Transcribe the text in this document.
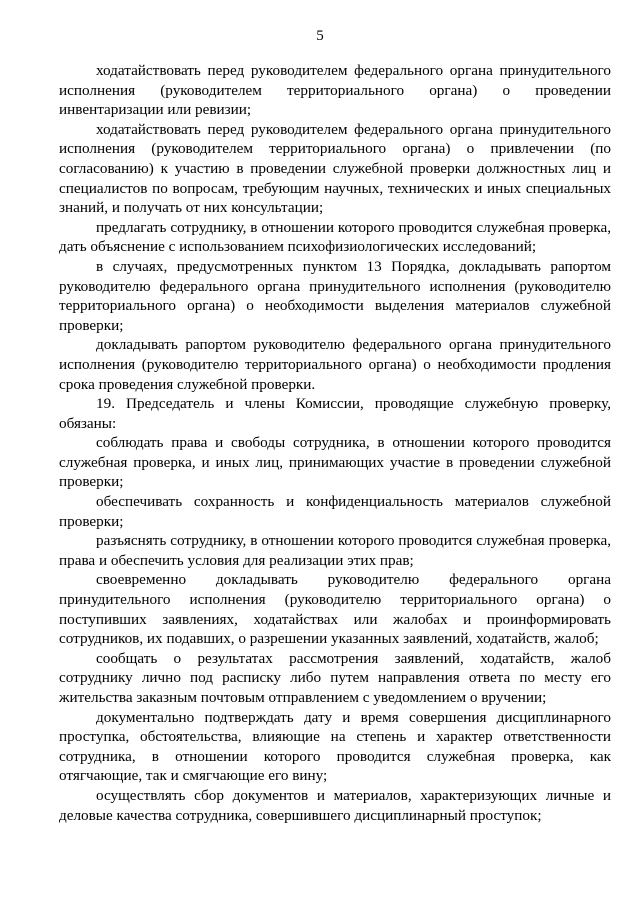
5

ходатайствовать перед руководителем федерального органа принудительного исполнения (руководителем территориального органа) о проведении инвентаризации или ревизии;

ходатайствовать перед руководителем федерального органа принудительного исполнения (руководителем территориального органа) о привлечении (по согласованию) к участию в проведении служебной проверки должностных лиц и специалистов по вопросам, требующим научных, технических и иных специальных знаний, и получать от них консультации;

предлагать сотруднику, в отношении которого проводится служебная проверка, дать объяснение с использованием психофизиологических исследований;

в случаях, предусмотренных пунктом 13 Порядка, докладывать рапортом руководителю федерального органа принудительного исполнения (руководителю территориального органа) о необходимости выделения материалов служебной проверки;

докладывать рапортом руководителю федерального органа принудительного исполнения (руководителю территориального органа) о необходимости продления срока проведения служебной проверки.

19. Председатель и члены Комиссии, проводящие служебную проверку, обязаны:

соблюдать права и свободы сотрудника, в отношении которого проводится служебная проверка, и иных лиц, принимающих участие в проведении служебной проверки;

обеспечивать сохранность и конфиденциальность материалов служебной проверки;

разъяснять сотруднику, в отношении которого проводится служебная проверка, права и обеспечить условия для реализации этих прав;

своевременно докладывать руководителю федерального органа принудительного исполнения (руководителю территориального органа) о поступивших заявлениях, ходатайствах или жалобах и проинформировать сотрудников, их подавших, о разрешении указанных заявлений, ходатайств, жалоб;

сообщать о результатах рассмотрения заявлений, ходатайств, жалоб сотруднику лично под расписку либо путем направления ответа по месту его жительства заказным почтовым отправлением с уведомлением о вручении;

документально подтверждать дату и время совершения дисциплинарного проступка, обстоятельства, влияющие на степень и характер ответственности сотрудника, в отношении которого проводится служебная проверка, как отягчающие, так и смягчающие его вину;

осуществлять сбор документов и материалов, характеризующих личные и деловые качества сотрудника, совершившего дисциплинарный проступок;
